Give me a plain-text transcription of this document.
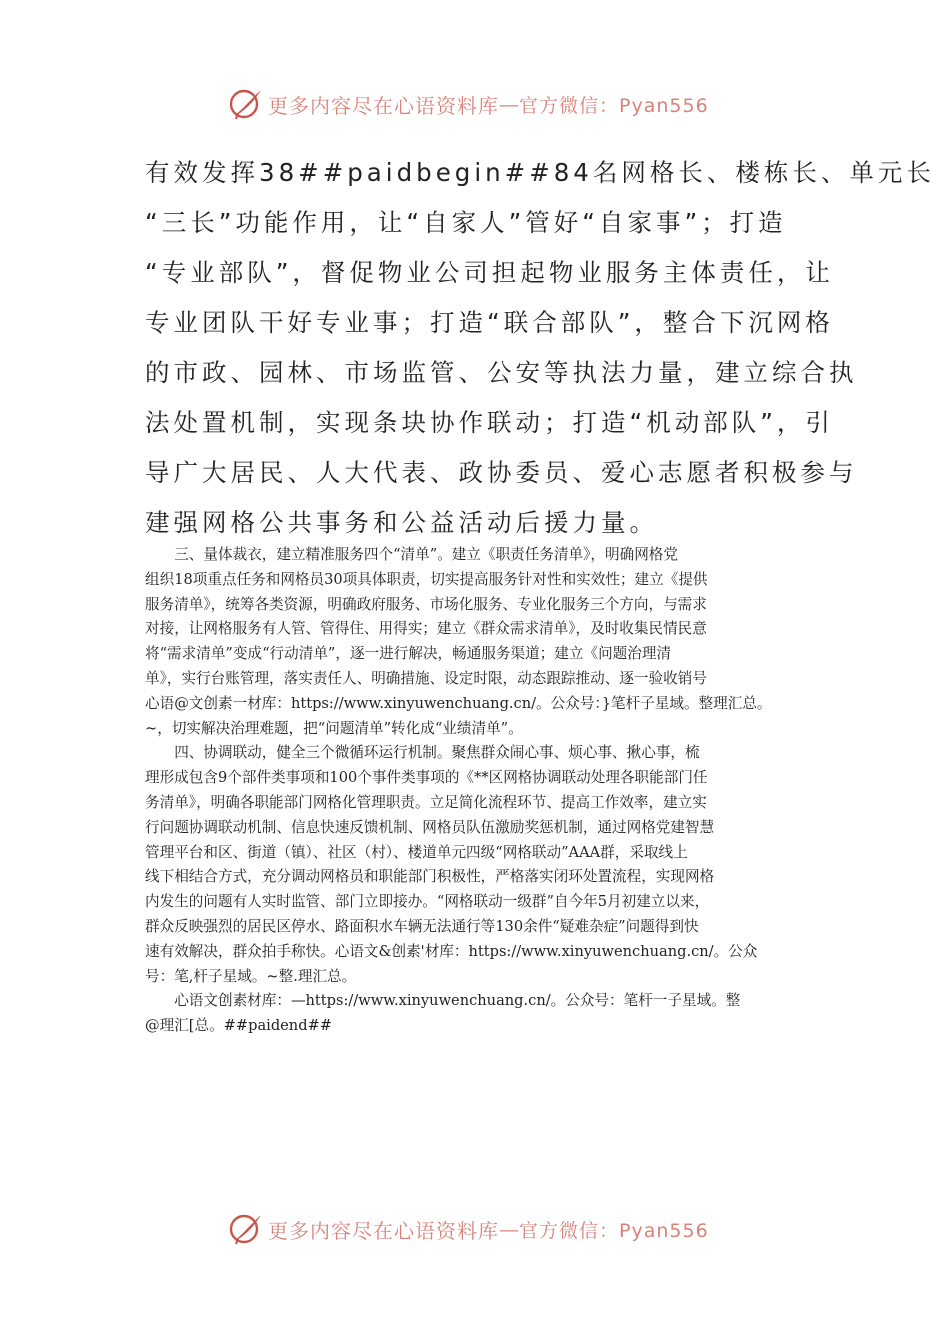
更多内容尽在心语资料库 — 官方微信：Pyan556
有效发挥38##paidbegin##84名网格长、楼栋长、单元长
“三长”功能作用，让“自家人”管好“自家事”；打造
“专业部队”，督促物业公司担起物业服务主体责任，让
专业团队干好专业事；打造“联合部队”，整合下沉网格
的市政、园林、市场监管、公安等执法力量，建立综合执
法处置机制，实现条块协作联动；打造“机动部队”，引
导广大居民、人大代表、政协委员、爱心志愿者积极参与
建强网格公共事务和公益活动后援力量。
　　三、量体裁衣，建立精准服务四个“清单”。建立《职责任务清单》，明确网格党
组织18项重点任务和网格员30项具体职责，切实提高服务针对性和实效性；建立《提供
服务清单》，统筹各类资源，明确政府服务、市场化服务、专业化服务三个方向，与需求
对接，让网格服务有人管、管得住、用得实；建立《群众需求清单》，及时收集民情民意
将“需求清单”变成“行动清单”，逐一进行解决，畅通服务渠道；建立《问题治理清
单》，实行台账管理，落实责任人、明确措施、设定时限，动态跟踪推动、逐一验收销号
心语@文创素一材库：https://www.xinyuwenchuang.cn/。公众号：}笔杆子星域。整理汇总。
~，切实解决治理难题，把“问题清单”转化成“业绩清单”。
　　四、协调联动，健全三个微循环运行机制。聚焦群众闹心事、烦心事、揪心事，梳
理形成包含9个部件类事项和100个事件类事项的《**区网格协调联动处理各职能部门任
务清单》，明确各职能部门网格化管理职责。立足简化流程环节、提高工作效率，建立实
行问题协调联动机制、信息快速反馈机制、网格员队伍激励奖惩机制，通过网格党建智慧
管理平台和区、街道（镇）、社区（村）、楼道单元四级“网格联动”AAA群，采取线上
线下相结合方式，充分调动网格员和职能部门积极性，严格落实闭环处置流程，实现网格
内发生的问题有人实时监管、部门立即接办。“网格联动一级群”自今年5月初建立以来，
群众反映强烈的居民区停水、路面积水车辆无法通行等130余件“疑难杂症”问题得到快
速有效解决，群众拍手称快。心语文&创素'材库：https://www.xinyuwenchuang.cn/。公众
号：笔,杆子星域。~整.理汇总。
　　心语文创素材库：—https://www.xinyuwenchuang.cn/。公众号：笔杆一子星域。整
@理汇[总。##paidend##
更多内容尽在心语资料库 — 官方微信：Pyan556
